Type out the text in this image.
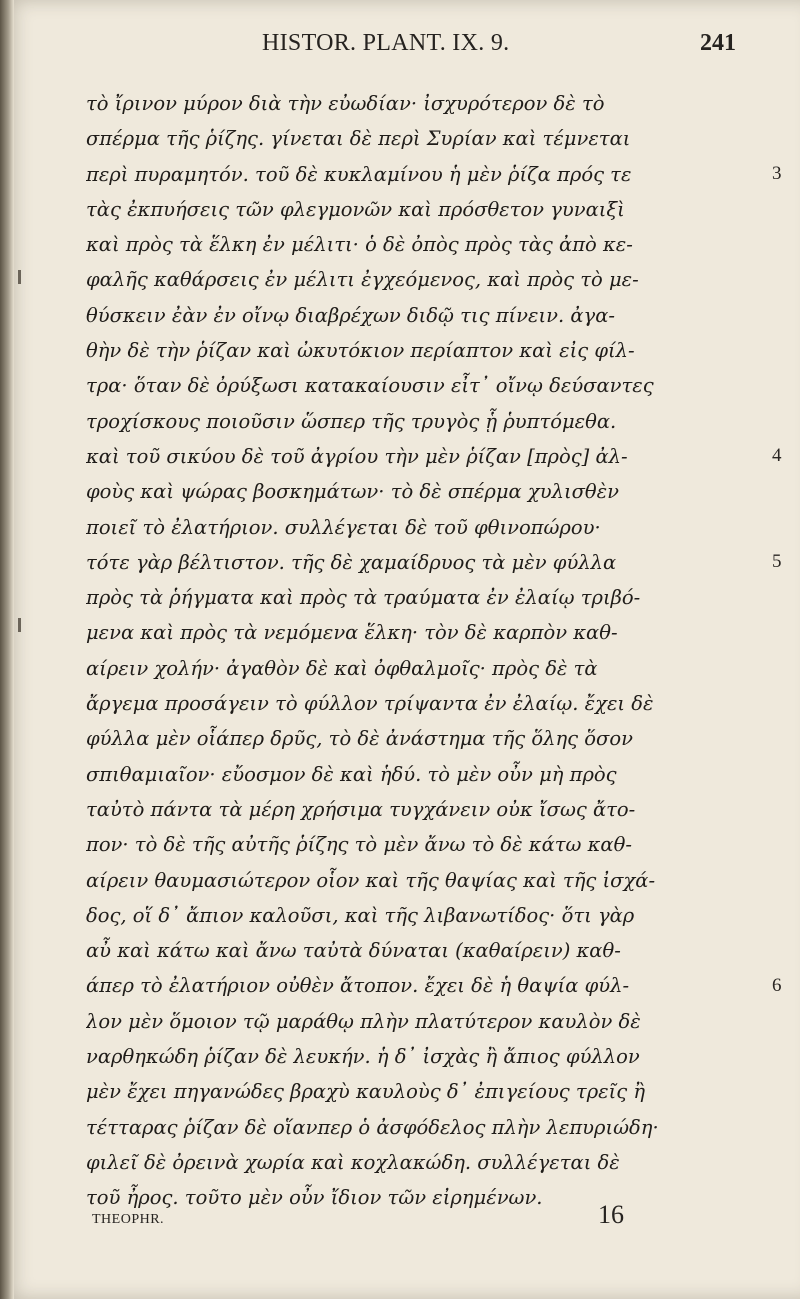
HISTOR. PLANT. IX. 9.	241
τὸ ἴρινον μύρον διὰ τὴν εὐωδίαν· ἰσχυρότερον δὲ τὸ
σπέρμα τῆς ῥίζης. γίνεται δὲ περὶ Συρίαν καὶ τέμνεται
περὶ πυραμητόν. τοῦ δὲ κυκλαμίνου ἡ μὲν ῥίζα πρός τε
τὰς ἐκπυήσεις τῶν φλεγμονῶν καὶ πρόσθετον γυναιξὶ
καὶ πρὸς τὰ ἕλκη ἐν μέλιτι· ὁ δὲ ὀπὸς πρὸς τὰς ἀπὸ κε-
φαλῆς καθάρσεις ἐν μέλιτι ἐγχεόμενος, καὶ πρὸς τὸ με-
θύσκειν ἐὰν ἐν οἴνῳ διαβρέχων διδῷ τις πίνειν. ἀγα-
θὴν δὲ τὴν ῥίζαν καὶ ὠκυτόκιον περίαπτον καὶ εἰς φίλ-
τρα· ὅταν δὲ ὀρύξωσι κατακαίουσιν εἶτ᾽ οἴνῳ δεύσαντες
τροχίσκους ποιοῦσιν ὥσπερ τῆς τρυγὸς ᾗ ῥυπτόμεθα.
καὶ τοῦ σικύου δὲ τοῦ ἀγρίου τὴν μὲν ῥίζαν [πρὸς] ἀλ-
φοὺς καὶ ψώρας βοσκημάτων· τὸ δὲ σπέρμα χυλισθὲν
ποιεῖ τὸ ἐλατήριον. συλλέγεται δὲ τοῦ φθινοπώρου·
τότε γὰρ βέλτιστον. τῆς δὲ χαμαίδρυος τὰ μὲν φύλλα
πρὸς τὰ ῥήγματα καὶ πρὸς τὰ τραύματα ἐν ἐλαίῳ τριβό-
μενα καὶ πρὸς τὰ νεμόμενα ἕλκη· τὸν δὲ καρπὸν καθ-
αίρειν χολήν· ἀγαθὸν δὲ καὶ ὀφθαλμοῖς· πρὸς δὲ τὰ
ἄργεμα προσάγειν τὸ φύλλον τρίψαντα ἐν ἐλαίῳ. ἔχει δὲ
φύλλα μὲν οἷάπερ δρῦς, τὸ δὲ ἀνάστημα τῆς ὅλης ὅσον
σπιθαμιαῖον· εὔοσμον δὲ καὶ ἡδύ. τὸ μὲν οὖν μὴ πρὸς
ταὐτὸ πάντα τὰ μέρη χρήσιμα τυγχάνειν οὐκ ἴσως ἄτο-
πον· τὸ δὲ τῆς αὐτῆς ῥίζης τὸ μὲν ἄνω τὸ δὲ κάτω καθ-
αίρειν θαυμασιώτερον οἷον καὶ τῆς θαψίας καὶ τῆς ἰσχά-
δος, οἵ δ᾽ ἄπιον καλοῦσι, καὶ τῆς λιβανωτίδος· ὅτι γὰρ
αὖ καὶ κάτω καὶ ἄνω ταὐτὰ δύναται (καθαίρειν) καθ-
άπερ τὸ ἐλατήριον οὐθὲν ἄτοπον. ἔχει δὲ ἡ θαψία φύλ-
λον μὲν ὅμοιον τῷ μαράθῳ πλὴν πλατύτερον καυλὸν δὲ
ναρθηκώδη ῥίζαν δὲ λευκήν. ἡ δ᾽ ἰσχὰς ἢ ἄπιος φύλλον
μὲν ἔχει πηγανώδες βραχὺ καυλοὺς δ᾽ ἐπιγείους τρεῖς ἢ
τέτταρας ῥίζαν δὲ οἵανπερ ὁ ἀσφόδελος πλὴν λεπυριώδη·
φιλεῖ δὲ ὀρεινὰ χωρία καὶ κοχλακώδη. συλλέγεται δὲ
τοῦ ἦρος. τοῦτο μὲν οὖν ἴδιον τῶν εἰρημένων.
3
4
5
6
THEOPHR.	16
